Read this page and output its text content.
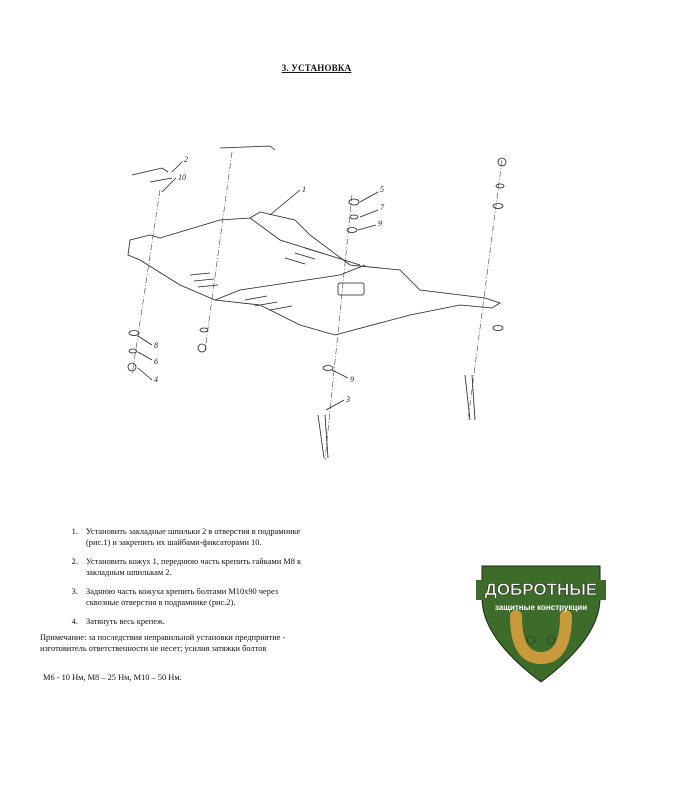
3. УСТАНОВКА
1
2
10
5
7
9
8
6
4	9
3
1. Установить закладные шпильки 2 в отверстия в подрамнике (рис.1) и закрепить их шайбами-фиксаторами 10.
2. Установить кожух 1, переднюю часть крепить гайками М8 к закладным шпилькам 2.
3. Заднюю часть кожуха крепить болтами М10х90 через сквозные отверстия в подрамнике (рис.2).
4. Затянуть весь крепеж.
Примечание: за последствия неправильной установки предприятие - изготовитель ответственности не несет; усилия затяжки болтов
М6 - 10 Нм, М8 – 25 Нм, М10 – 50 Нм.
ДОБРОТНЫЕ
защитные конструкции
